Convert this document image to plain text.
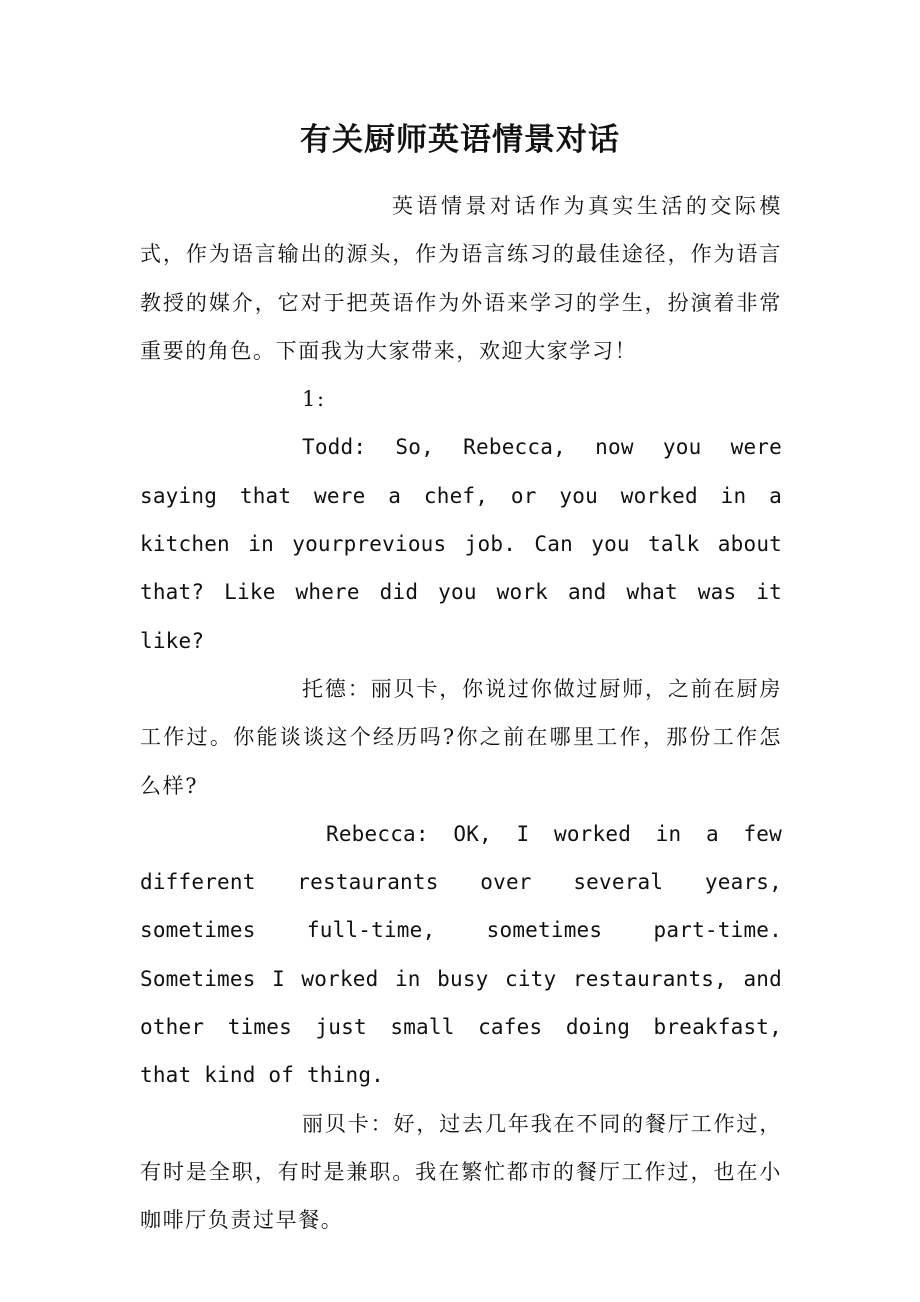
有关厨师英语情景对话

英语情景对话作为真实生活的交际模式，作为语言输出的源头，作为语言练习的最佳途径，作为语言教授的媒介，它对于把英语作为外语来学习的学生，扮演着非常重要的角色。下面我为大家带来，欢迎大家学习！

1:

Todd: So, Rebecca, now you were saying that were a chef, or you worked in a kitchen in yourprevious job. Can you talk about that? Like where did you work and what was it like?

托德：丽贝卡，你说过你做过厨师，之前在厨房工作过。你能谈谈这个经历吗?你之前在哪里工作，那份工作怎么样?

Rebecca: OK, I worked in a few different restaurants over several years, sometimes full-time, sometimes part-time. Sometimes I worked in busy city restaurants, and other times just small cafes doing breakfast, that kind of thing.

丽贝卡：好，过去几年我在不同的餐厅工作过，有时是全职，有时是兼职。我在繁忙都市的餐厅工作过，也在小咖啡厅负责过早餐。
